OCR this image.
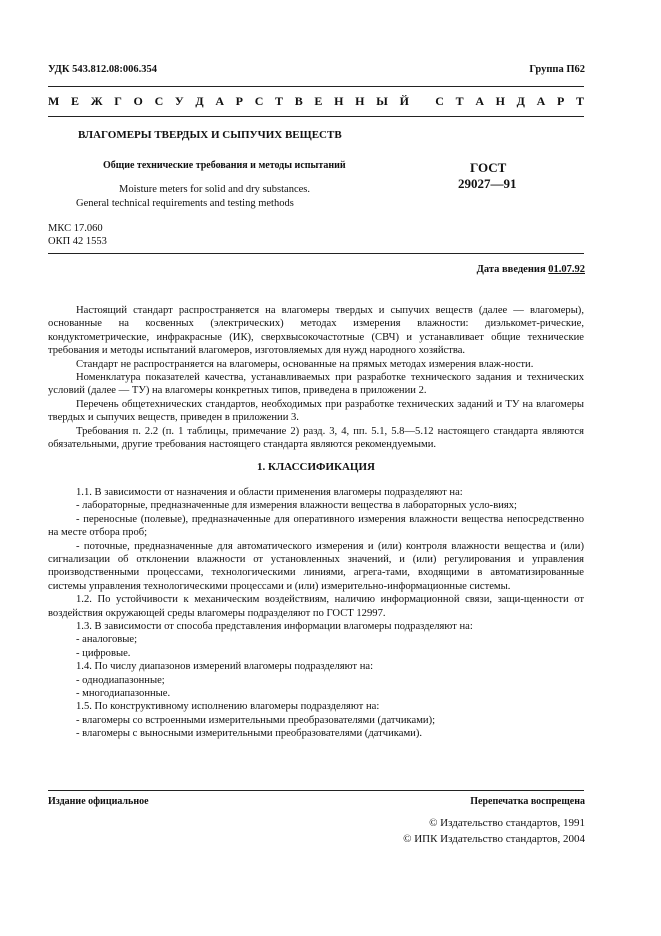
УДК 543.812.08:006.354	Группа П62
М Е Ж Г О С У Д А Р С Т В Е Н Н Ы Й
С Т А Н Д А Р Т
ВЛАГОМЕРЫ ТВЕРДЫХ И СЫПУЧИХ ВЕЩЕСТВ
Общие технические требования и методы испытаний	ГОСТ
29027—91
Moisture meters for solid and dry substances.
General technical requirements and testing methods
МКС 17.060
ОКП 42 1553
Дата введения 01.07.92

Настоящий стандарт распространяется на влагомеры твердых и сыпучих веществ (далее — влагомеры), основанные на косвенных (электрических) методах измерения влажности: диэлькомет-рические, кондуктометрические, инфракрасные (ИК), сверхвысокочастотные (СВЧ) и устанавливает общие технические требования и методы испытаний влагомеров, изготовляемых для нужд народного хозяйства.

Стандарт не распространяется на влагомеры, основанные на прямых методах измерения влаж-ности.

Номенклатура показателей качества, устанавливаемых при разработке технического задания и технических условий (далее — ТУ) на влагомеры конкретных типов, приведена в приложении 2.

Перечень общетехнических стандартов, необходимых при разработке технических заданий и ТУ на влагомеры твердых и сыпучих веществ, приведен в приложении 3.

Требования п. 2.2 (п. 1 таблицы, примечание 2) разд. 3, 4, пп. 5.1, 5.8—5.12 настоящего стандарта являются обязательными, другие требования настоящего стандарта являются рекомендуемыми.

1. КЛАССИФИКАЦИЯ

1.1. В зависимости от назначения и области применения влагомеры подразделяют на:

- лабораторные, предназначенные для измерения влажности вещества в лабораторных усло-виях;

- переносные (полевые), предназначенные для оперативного измерения влажности вещества непосредственно на месте отбора проб;

- поточные, предназначенные для автоматического измерения и (или) контроля влажности вещества и (или) сигнализации об отклонении влажности от установленных значений, и (или) регулирования и управления производственными процессами, технологическими линиями, агрега-тами, входящими в автоматизированные системы управления технологическими процессами и (или) измерительно-информационные системы.

1.2. По устойчивости к механическим воздействиям, наличию информационной связи, защи-щенности от воздействия окружающей среды влагомеры подразделяют по ГОСТ 12997.

1.3. В зависимости от способа представления информации влагомеры подразделяют на:

- аналоговые;

- цифровые.

1.4. По числу диапазонов измерений влагомеры подразделяют на:

- однодиапазонные;

- многодиапазонные.

1.5. По конструктивному исполнению влагомеры подразделяют на:

- влагомеры со встроенными измерительными преобразователями (датчиками);

- влагомеры с выносными измерительными преобразователями (датчиками).

Издание официальное	Перепечатка воспрещена
© Издательство стандартов, 1991
© ИПК Издательство стандартов, 2004
